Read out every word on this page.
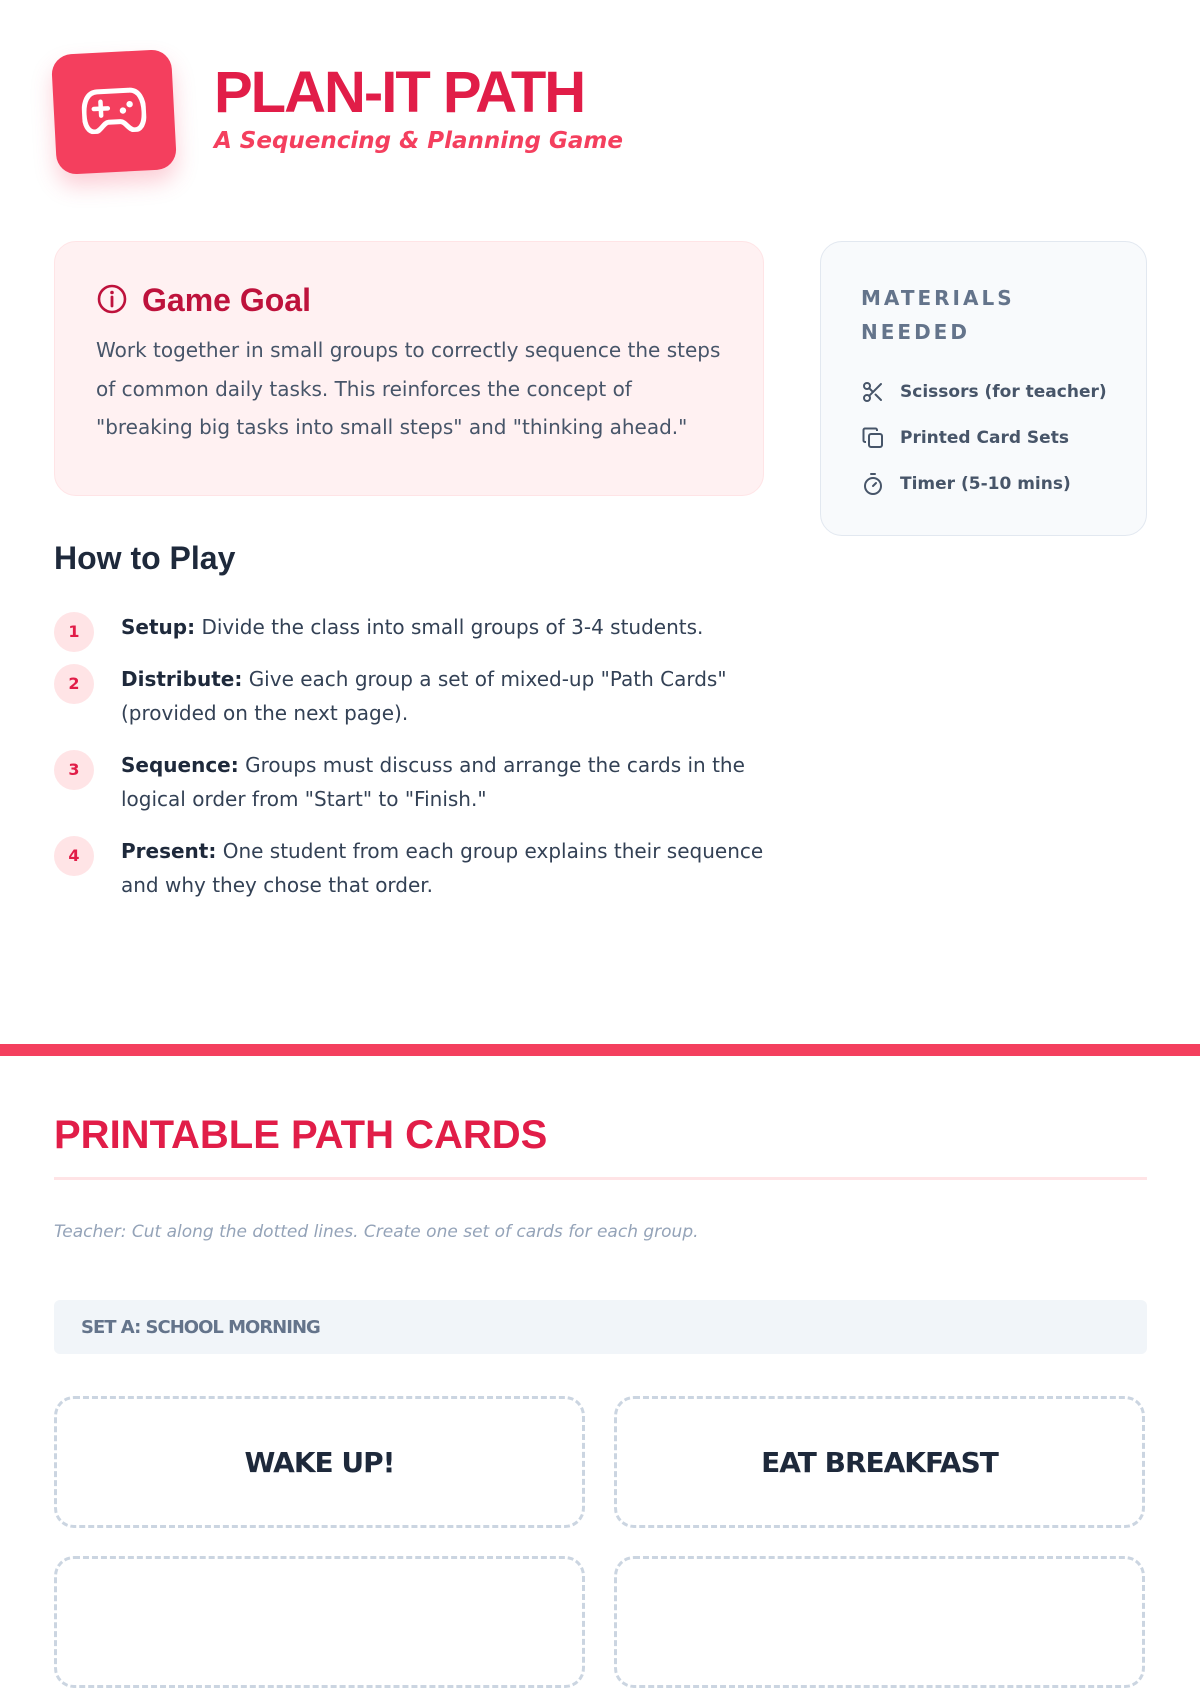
PLAN-IT PATH
A Sequencing & Planning Game
Game Goal
Work together in small groups to correctly sequence the steps of common daily tasks. This reinforces the concept of "breaking big tasks into small steps" and "thinking ahead."
MATERIALS NEEDED
Scissors (for teacher)
Printed Card Sets
Timer (5-10 mins)
How to Play
1	Setup: Divide the class into small groups of 3-4 students.
2	Distribute: Give each group a set of mixed-up "Path Cards" (provided on the next page).
3	Sequence: Groups must discuss and arrange the cards in the logical order from "Start" to "Finish."
4	Present: One student from each group explains their sequence and why they chose that order.
PRINTABLE PATH CARDS
Teacher: Cut along the dotted lines. Create one set of cards for each group.
SET A: SCHOOL MORNING
WAKE UP!	EAT BREAKFAST
